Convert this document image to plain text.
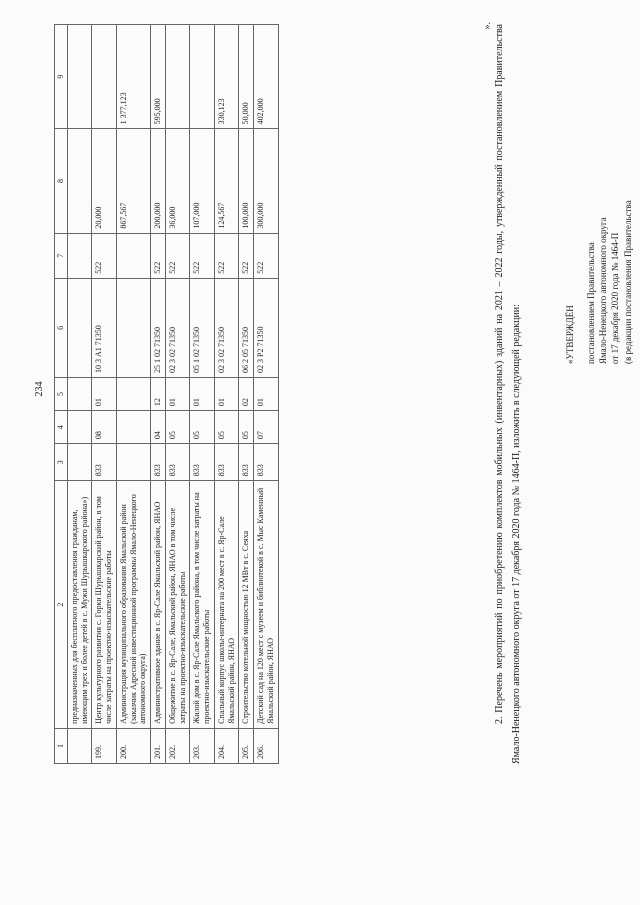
234
1	2	3	4	5	6	7	8	9
	предназначенных для бесплатного предоставления гражданам, имеющим трех и более детей в с. Мужи Шурышкарского района»)							
199.	Центр культурного развития с. Горки Шурышкарский район, в том числе затраты на проектно-изыскательские работы	833	08	01	10 3 А1 71350	522	20,000	
200.	Администрация муниципального образования Ямальский район (заказчик Адресной инвестиционной программы Ямало-Ненецкого автономного округа)						867,567	1 377,123
201.	Административное здание в с. Яр-Сале Ямальский район, ЯНАО	833	04	12	25 1 02 71350	522	200,000	595,000
202.	Общежитие в с. Яр-Сале, Ямальский район, ЯНАО в том числе затраты на проектно-изыскательские работы	833	05	01	02 3 02 71350	522	36,000	
203.	Жилой дом в с. Яр-Сале Ямальского района, в том числе затраты на проектно-изыскательские работы	833	05	01	05 1 02 71350	522	107,000	
204.	Спальный корпус школы-интерната на 200 мест в с. Яр-Сале Ямальский район, ЯНАО	833	05	01	02 3 02 71350	522	124,567	330,123
205.	Строительство котельной мощностью 12 МВт в с. Сеяха	833	05	02	06 2 05 71350	522	100,000	50,000
206.	Детский сад на 120 мест с музеем и библиотекой в с. Мыс Каменный Ямальский район, ЯНАО	833	07	01	02 3 Р2 71350	522	300,000	402,000
». 2. Перечень мероприятий по приобретению комплектов мобильных (инвентарных) зданий на 2021 – 2022 годы, утвержденный постановлением Правительства Ямало-Ненецкого автономного округа от 17 декабря 2020 года № 1464-П, изложить в следующей редакции:	«УТВЕРЖДЁН постановлением Правительства Ямало-Ненецкого автономного округа от 17 декабря 2020 года № 1464-П (в редакции постановления Правительства
